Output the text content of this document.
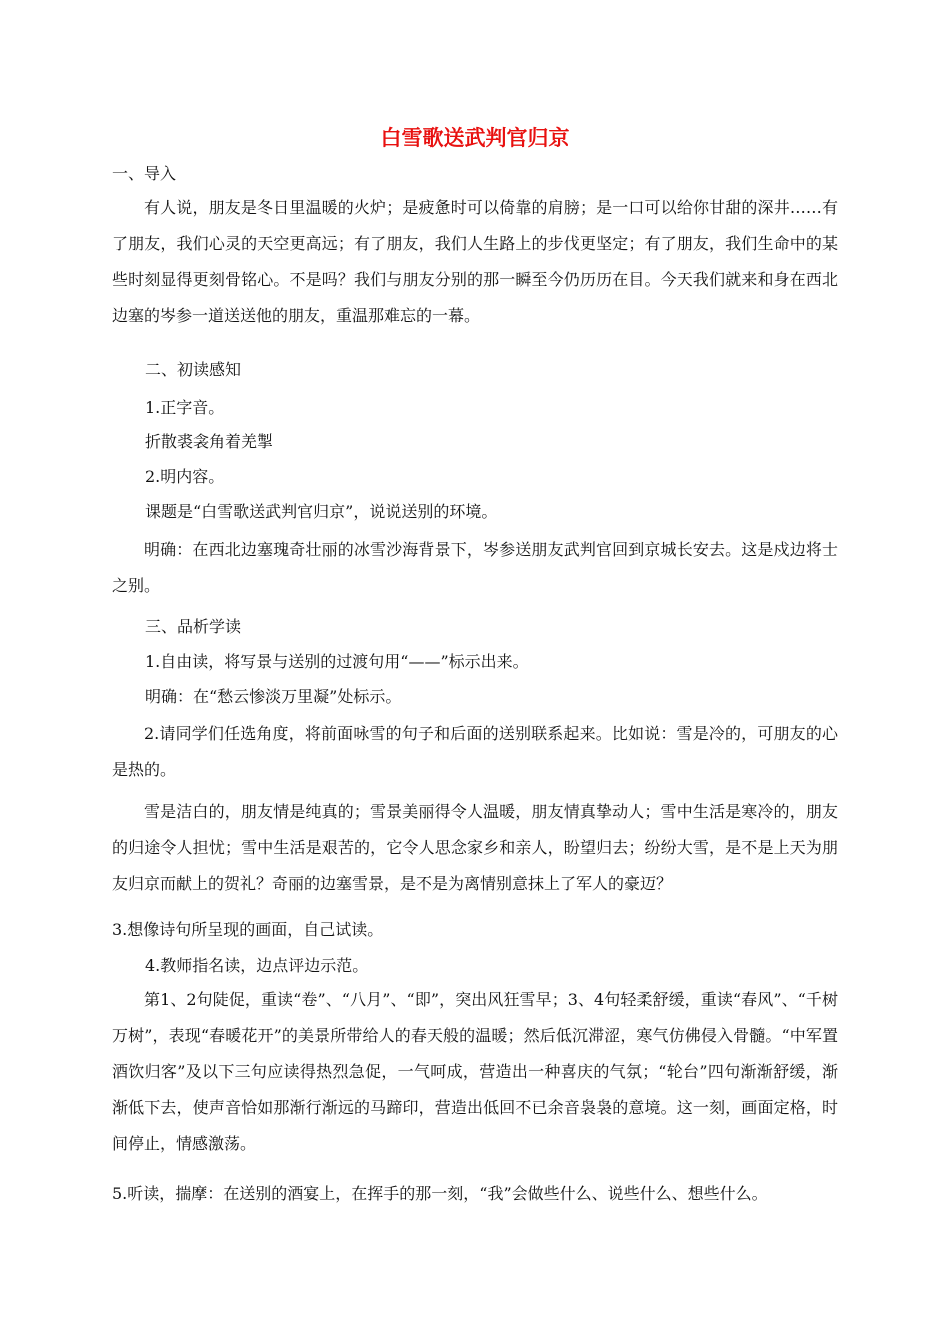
白雪歌送武判官归京

一、导入

有人说，朋友是冬日里温暖的火炉；是疲惫时可以倚靠的肩膀；是一口可以给你甘甜的深井……有了朋友，我们心灵的天空更高远；有了朋友，我们人生路上的步伐更坚定；有了朋友，我们生命中的某些时刻显得更刻骨铭心。不是吗？我们与朋友分别的那一瞬至今仍历历在目。今天我们就来和身在西北边塞的岑参一道送送他的朋友，重温那难忘的一幕。

二、初读感知

1.正字音。

折散裘衾角着羌掣

2.明内容。

课题是“白雪歌送武判官归京”，说说送别的环境。

明确：在西北边塞瑰奇壮丽的冰雪沙海背景下，岑参送朋友武判官回到京城长安去。这是戍边将士之别。

三、品析学读

1.自由读，将写景与送别的过渡句用“——”标示出来。

明确：在“愁云惨淡万里凝”处标示。

2.请同学们任选角度，将前面咏雪的句子和后面的送别联系起来。比如说：雪是冷的，可朋友的心是热的。

雪是洁白的，朋友情是纯真的；雪景美丽得令人温暖，朋友情真挚动人；雪中生活是寒冷的，朋友的归途令人担忧；雪中生活是艰苦的，它令人思念家乡和亲人，盼望归去；纷纷大雪，是不是上天为朋友归京而献上的贺礼？奇丽的边塞雪景，是不是为离情别意抹上了军人的豪迈？

3.想像诗句所呈现的画面，自己试读。

4.教师指名读，边点评边示范。

第1、2句陡促，重读“卷”、“八月”、“即”，突出风狂雪早；3、4句轻柔舒缓，重读“春风”、“千树万树”，表现“春暖花开”的美景所带给人的春天般的温暖；然后低沉滞涩，寒气仿佛侵入骨髓。“中军置酒饮归客”及以下三句应读得热烈急促，一气呵成，营造出一种喜庆的气氛；“轮台”四句渐渐舒缓，渐渐低下去，使声音恰如那渐行渐远的马蹄印，营造出低回不已余音袅袅的意境。这一刻，画面定格，时间停止，情感激荡。

5.听读，揣摩：在送别的酒宴上，在挥手的那一刻，“我”会做些什么、说些什么、想些什么。
